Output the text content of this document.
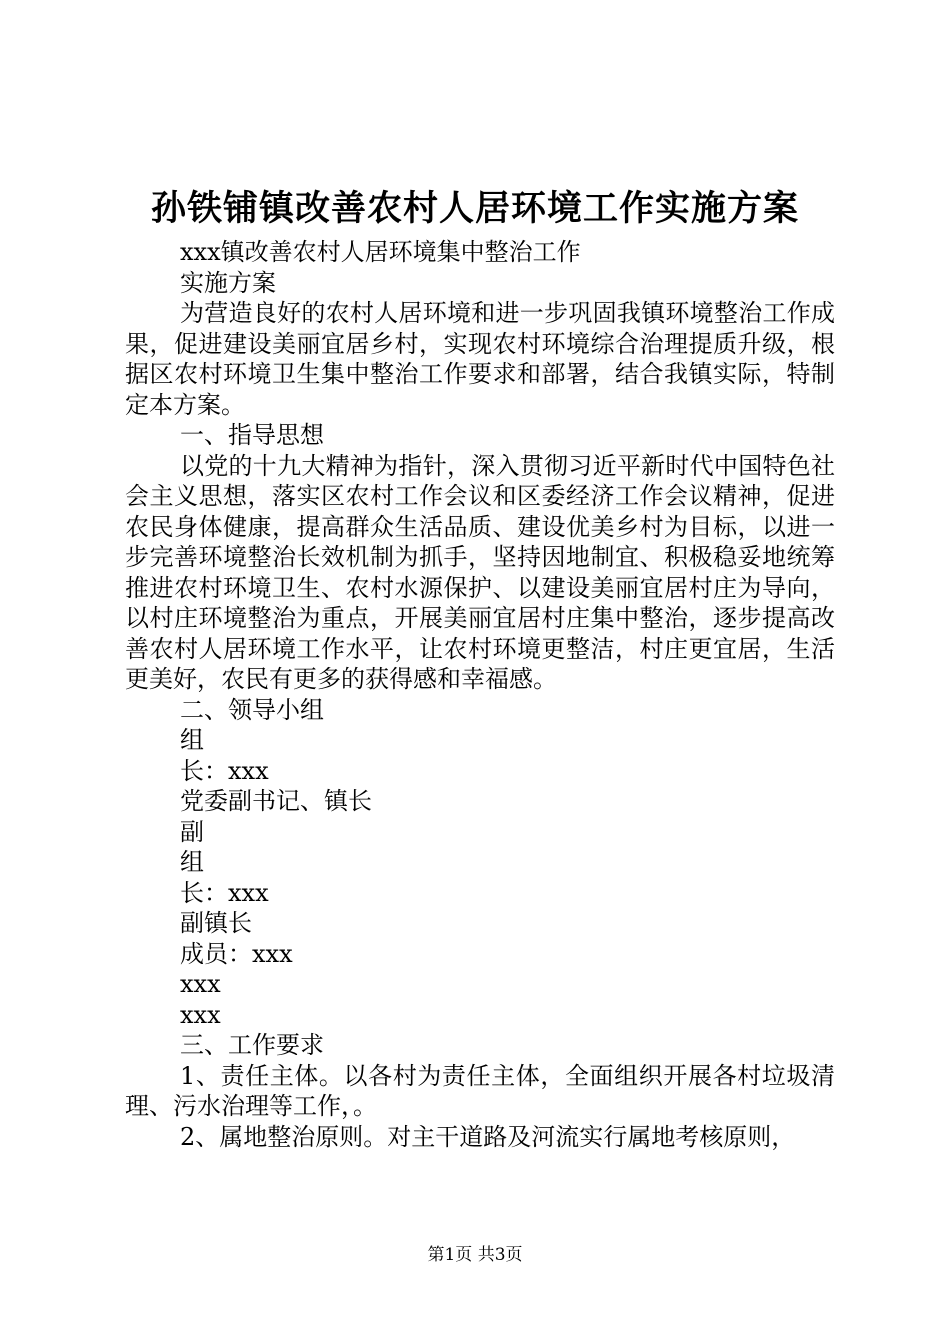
孙铁铺镇改善农村人居环境工作实施方案

xxx镇改善农村人居环境集中整治工作

实施方案

为营造良好的农村人居环境和进一步巩固我镇环境整治工作成果，促进建设美丽宜居乡村，实现农村环境综合治理提质升级，根据区农村环境卫生集中整治工作要求和部署，结合我镇实际，特制定本方案。

一、指导思想

以党的十九大精神为指针，深入贯彻习近平新时代中国特色社会主义思想，落实区农村工作会议和区委经济工作会议精神，促进农民身体健康，提高群众生活品质、建设优美乡村为目标，以进一步完善环境整治长效机制为抓手，坚持因地制宜、积极稳妥地统筹推进农村环境卫生、农村水源保护、以建设美丽宜居村庄为导向，以村庄环境整治为重点，开展美丽宜居村庄集中整治，逐步提高改善农村人居环境工作水平，让农村环境更整洁，村庄更宜居，生活更美好，农民有更多的获得感和幸福感。

二、领导小组

组

长：xxx

党委副书记、镇长

副

组

长：xxx

副镇长

成员：xxx

xxx

xxx

三、工作要求

1、责任主体。以各村为责任主体，全面组织开展各村垃圾清理、污水治理等工作，。

2、属地整治原则。对主干道路及河流实行属地考核原则，

第1页 共3页
